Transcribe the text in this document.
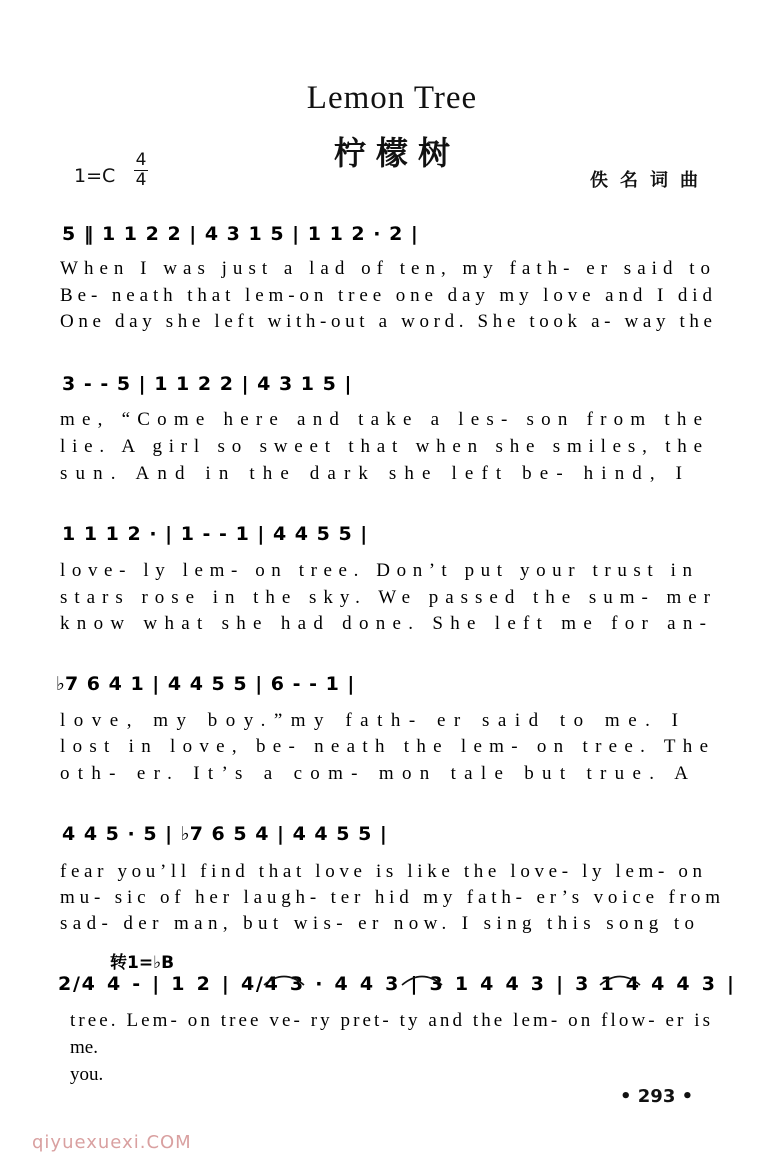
Lemon Tree
柠檬树
1=C
4
4	佚名词曲
5 ‖ 1 1 2 2 | 4 3 1 5 | 1 1 2 · 2 |
When I was just a lad of ten, my fath- er said to
Be- neath that lem-on tree one day my love and I did
One day she left with-out a word. She took a- way the
3 - - 5 | 1 1 2 2 | 4 3 1 5 |
me, “Come here and take a les- son from the
lie. A girl so sweet that when she smiles, the
sun. And in the dark she left be- hind, I
1 1 1 2 · | 1 - - 1 | 4 4 5 5 |
love- ly lem- on tree. Don’t put your trust in
stars rose in the sky. We passed the sum- mer
know what she had done. She left me for an-
♭7 6 4 1 | 4 4 5 5 | 6 - - 1 |
love, my boy.”my fath- er said to me. I
lost in love, be- neath the lem- on tree. The
oth- er. It’s a com- mon tale but true. A
4 4 5 · 5 | ♭7 6 5 4 | 4 4 5 5 |
fear you’ll find that love is like the love- ly lem- on
mu- sic of her laugh- ter hid my fath- er’s voice from
sad- der man, but wis- er now. I sing this song to
转1=♭B
2/4 4 - | 1 2 | 4/4 3 · 4 4 3 | 3 1 4 4 3 | 3 1 4 4 4 3 |
tree. Lem- on tree ve- ry pret- ty and the lem- on flow- er is
me.
you.
• 293 •
qiyuexuexi.COM
